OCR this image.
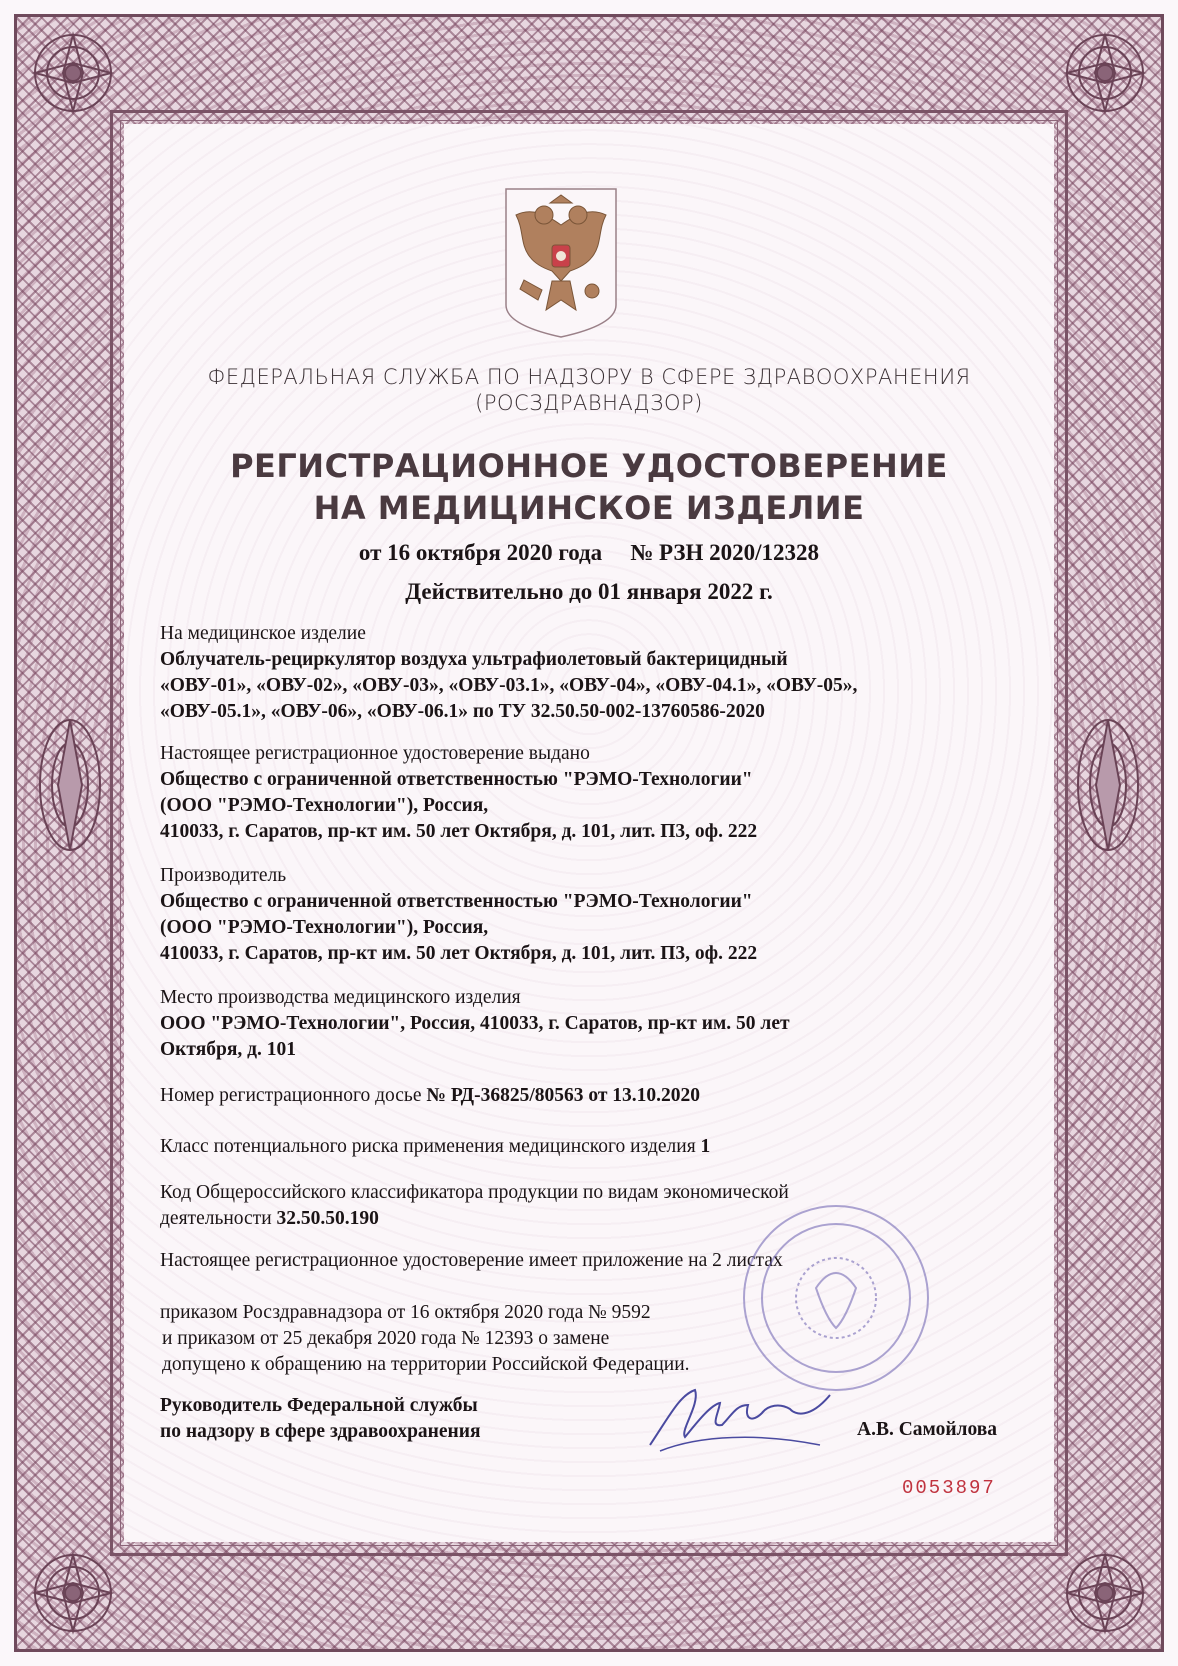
ФЕДЕРАЛЬНАЯ СЛУЖБА ПО НАДЗОРУ В СФЕРЕ ЗДРАВООХРАНЕНИЯ
(РОСЗДРАВНАДЗОР)
РЕГИСТРАЦИОННОЕ УДОСТОВЕРЕНИЕ
НА МЕДИЦИНСКОЕ ИЗДЕЛИЕ
от 16 октября 2020 года № РЗН 2020/12328
Действительно до 01 января 2022 г.
На медицинское изделие
Облучатель-рециркулятор воздуха ультрафиолетовый бактерицидный
«ОВУ-01», «ОВУ-02», «ОВУ-03», «ОВУ-03.1», «ОВУ-04», «ОВУ-04.1», «ОВУ-05»,
«ОВУ-05.1», «ОВУ-06», «ОВУ-06.1» по ТУ 32.50.50-002-13760586-2020
Настоящее регистрационное удостоверение выдано
Общество с ограниченной ответственностью "РЭМО-Технологии"
(ООО "РЭМО-Технологии"), Россия,
410033, г. Саратов, пр-кт им. 50 лет Октября, д. 101, лит. П3, оф. 222
Производитель
Общество с ограниченной ответственностью "РЭМО-Технологии"
(ООО "РЭМО-Технологии"), Россия,
410033, г. Саратов, пр-кт им. 50 лет Октября, д. 101, лит. П3, оф. 222
Место производства медицинского изделия
ООО "РЭМО-Технологии", Россия, 410033, г. Саратов, пр-кт им. 50 лет
Октября, д. 101
Номер регистрационного досье № РД-36825/80563 от 13.10.2020
Класс потенциального риска применения медицинского изделия 1
Код Общероссийского классификатора продукции по видам экономической
деятельности 32.50.50.190
Настоящее регистрационное удостоверение имеет приложение на 2 листах
приказом Росздравнадзора от 16 октября 2020 года № 9592
и приказом от 25 декабря 2020 года № 12393 о замене
допущено к обращению на территории Российской Федерации.
Руководитель Федеральной службы
по надзору в сфере здравоохранения	А.В. Самойлова
0053897
